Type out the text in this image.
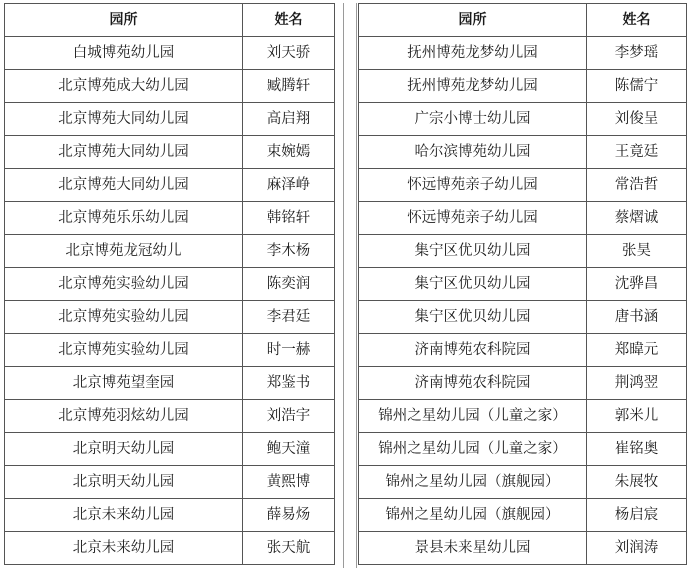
园所	姓名
白城博苑幼儿园	刘天骄
北京博苑成大幼儿园	臧腾轩
北京博苑大同幼儿园	高启翔
北京博苑大同幼儿园	束婉嫣
北京博苑大同幼儿园	麻泽峥
北京博苑乐乐幼儿园	韩铭轩
北京博苑龙冠幼儿	李木杨
北京博苑实验幼儿园	陈奕润
北京博苑实验幼儿园	李君廷
北京博苑实验幼儿园	时一赫
北京博苑望奎园	郑鉴书
北京博苑羽炫幼儿园	刘浩宇
北京明天幼儿园	鲍天潼
北京明天幼儿园	黄熙博
北京未来幼儿园	薛易炀
北京未来幼儿园	张天航
园所	姓名
抚州博苑龙梦幼儿园	李梦瑶
抚州博苑龙梦幼儿园	陈儒宁
广宗小博士幼儿园	刘俊呈
哈尔滨博苑幼儿园	王竟廷
怀远博苑亲子幼儿园	常浩哲
怀远博苑亲子幼儿园	蔡熠诚
集宁区优贝幼儿园	张昊
集宁区优贝幼儿园	沈骅昌
集宁区优贝幼儿园	唐书涵
济南博苑农科院园	郑暐元
济南博苑农科院园	荆鸿翌
锦州之星幼儿园（儿童之家）	郭米儿
锦州之星幼儿园（儿童之家）	崔铭奥
锦州之星幼儿园（旗舰园）	朱展牧
锦州之星幼儿园（旗舰园）	杨启宸
景县未来星幼儿园	刘润涛
